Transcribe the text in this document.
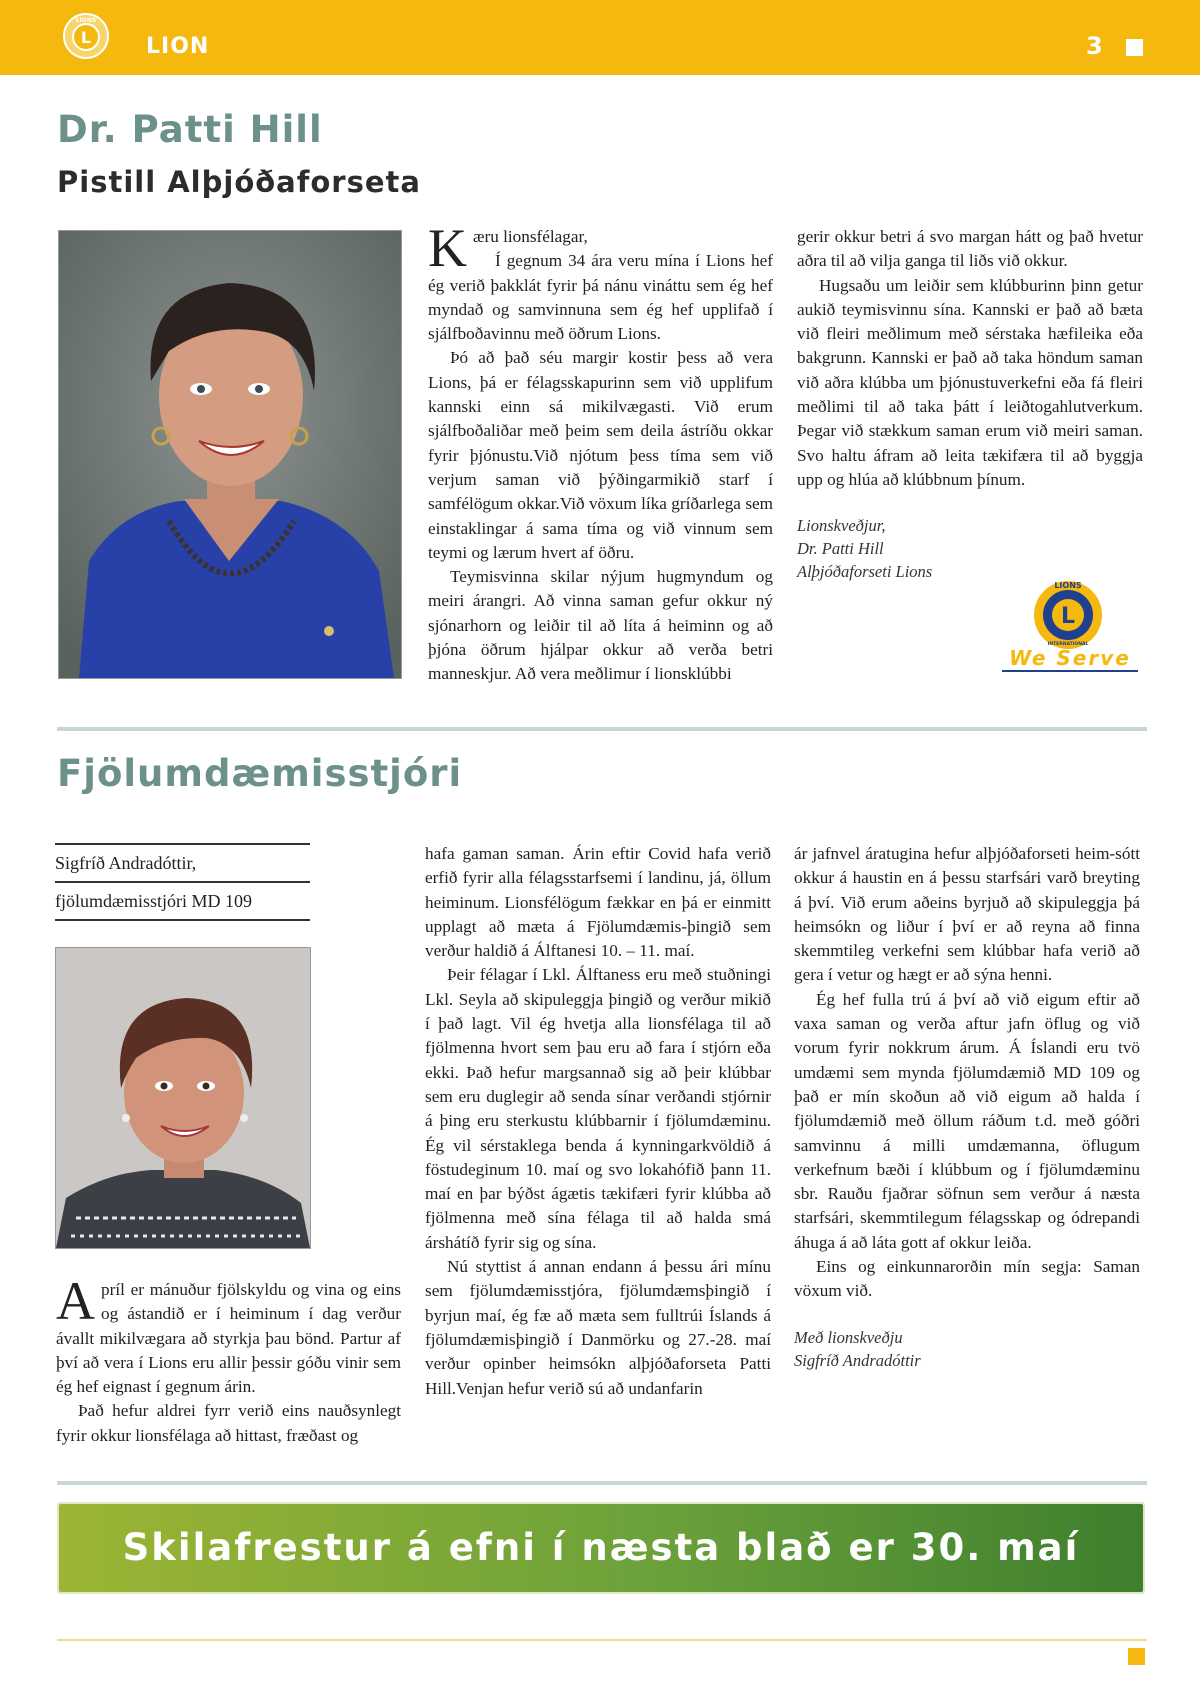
L
LIONS
LION	3
Dr. Patti Hill
Pistill Alþjóðaforseta

Kæru lionsfélagar,

Í gegnum 34 ára veru mína í Lions hef ég verið þakklát fyrir þá nánu vináttu sem ég hef myndað og samvinnuna sem ég hef upplifað í sjálfboðavinnu með öðrum Lions.

Þó að það séu margir kostir þess að vera Lions, þá er félagsskapurinn sem við upplifum kannski einn sá mikilvægasti. Við erum sjálfboðaliðar með þeim sem deila ástríðu okkar fyrir þjónustu.Við njótum þess tíma sem við verjum saman við þýðingarmikið starf í samfélögum okkar.Við vöxum líka gríðarlega sem einstaklingar á sama tíma og við vinnum sem teymi og lærum hvert af öðru.

Teymisvinna skilar nýjum hugmyndum og meiri árangri. Að vinna saman gefur okkur ný sjónarhorn og leiðir til að líta á heiminn og að þjóna öðrum hjálpar okkur að verða betri manneskjur. Að vera meðlimur í lionsklúbbi

gerir okkur betri á svo margan hátt og það hvetur aðra til að vilja ganga til liðs við okkur.

Hugsaðu um leiðir sem klúbburinn þinn getur aukið teymisvinnu sína. Kannski er það að bæta við fleiri meðlimum með sérstaka hæfileika eða bakgrunn. Kannski er það að taka höndum saman við aðra klúbba um þjónustuverkefni eða fá fleiri meðlimi til að taka þátt í leiðtogahlutverkum. Þegar við stækkum saman erum við meiri saman. Svo haltu áfram að leita tækifæra til að byggja upp og hlúa að klúbbnum þínum.

Lionskveðjur,
Dr. Patti Hill
Alþjóðaforseti Lions
L
LIONS
INTERNATIONAL
We Serve
Fjölumdæmisstjóri
Sigfríð Andradóttir,
fjölumdæmisstjóri MD 109

Apríl er mánuður fjölskyldu og vina og eins og ástandið er í heiminum í dag verður ávallt mikilvægara að styrkja þau bönd. Partur af því að vera í Lions eru allir þessir góðu vinir sem ég hef eignast í gegnum árin.

Það hefur aldrei fyrr verið eins nauðsynlegt fyrir okkur lionsfélaga að hittast, fræðast og

hafa gaman saman. Árin eftir Covid hafa verið erfið fyrir alla félagsstarfsemi í landinu, já, öllum heiminum. Lionsfélögum fækkar en þá er einmitt upplagt að mæta á Fjölumdæmis-þingið sem verður haldið á Álftanesi 10. – 11. maí.

Þeir félagar í Lkl. Álftaness eru með stuðningi Lkl. Seyla að skipuleggja þingið og verður mikið í það lagt. Vil ég hvetja alla lionsfélaga til að fjölmenna hvort sem þau eru að fara í stjórn eða ekki. Það hefur margsannað sig að þeir klúbbar sem eru duglegir að senda sínar verðandi stjórnir á þing eru sterkustu klúbbarnir í fjölumdæminu. Ég vil sérstaklega benda á kynningarkvöldið á föstudeginum 10. maí og svo lokahófið þann 11. maí en þar býðst ágætis tækifæri fyrir klúbba að fjölmenna með sína félaga til að halda smá árshátíð fyrir sig og sína.

Nú styttist á annan endann á þessu ári mínu sem fjölumdæmisstjóra, fjölumdæmsþingið í byrjun maí, ég fæ að mæta sem fulltrúi Íslands á fjölumdæmisþingið í Danmörku og 27.-28. maí verður opinber heimsókn alþjóðaforseta Patti Hill.Venjan hefur verið sú að undanfarin

ár jafnvel áratugina hefur alþjóðaforseti heim-sótt okkur á haustin en á þessu starfsári varð breyting á því. Við erum aðeins byrjuð að skipuleggja þá heimsókn og liður í því er að reyna að finna skemmtileg verkefni sem klúbbar hafa verið að gera í vetur og hægt er að sýna henni.

Ég hef fulla trú á því að við eigum eftir að vaxa saman og verða aftur jafn öflug og við vorum fyrir nokkrum árum. Á Íslandi eru tvö umdæmi sem mynda fjölumdæmið MD 109 og það er mín skoðun að við eigum að halda í fjölumdæmið með öllum ráðum t.d. með góðri samvinnu á milli umdæmanna, öflugum verkefnum bæði í klúbbum og í fjölumdæminu sbr. Rauðu fjaðrar söfnun sem verður á næsta starfsári, skemmtilegum félagsskap og ódrepandi áhuga á að láta gott af okkur leiða.

Eins og einkunnarorðin mín segja: Saman vöxum við.

Með lionskveðju
Sigfríð Andradóttir
Skilafrestur á efni í næsta blað er 30. maí
